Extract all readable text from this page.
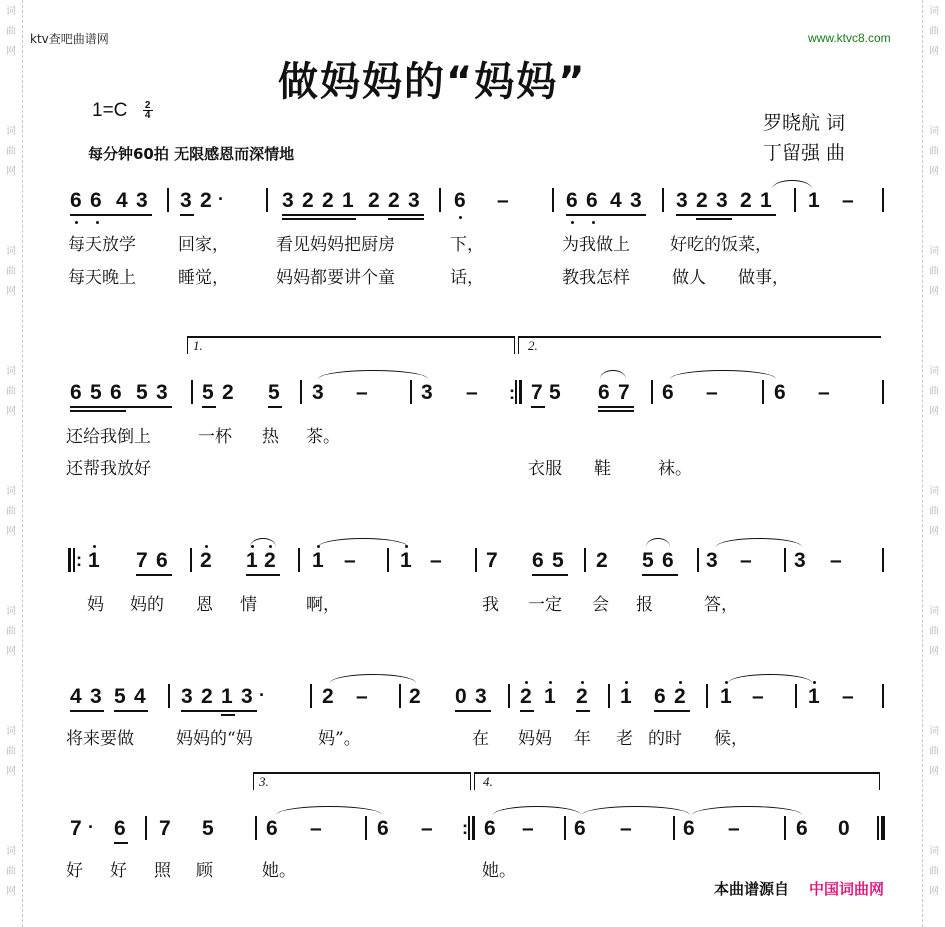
词
曲
网
词
曲
网
词
曲
网
词
曲
网
词
曲
网
词
曲
网
词
曲
网
词
曲
网
词
曲
网
词
曲
网
词
曲
网
词
曲
网
词
曲
网
词
曲
网
词
曲
网
词
曲
网
ktv查吧曲谱网	www.ktvc8.com
做妈妈的“妈妈”
1=C 2

4
每分钟60拍 无限感恩而深情地
罗晓航 词
丁留强 曲
6 6 4 3 3 2 ·	3 2 2 1 2 2 3 6 –	6 6 4 3 3 2 3 2 1 1 –
每天放学 回家，	看见妈妈把厨房	下，	为我做上 好吃的饭菜，
每天晚上 睡觉，	妈妈都要讲个童	话，	教我怎样 做人 做事，
1.	2.
6 5 6 5 3 5 2 5 3 –	3 – : 7 5 6 7 6 –	6 –
还给我倒上	一杯 热 茶。
还帮我放好	衣服 鞋	袜。
: 1 7 6 2 1 2 1 – 1 – 7 6 5 2 5 6 3 – 3 –
妈 妈的 恩 情	啊，	我 一定 会 报	答，
4 3 5 4 3 2 1 3 ·	2 – 2 0 3 2 1 2 1 6 2 1 – 1 –
将来要做 妈妈的“妈	妈”。	在 妈妈 年 老 的时 候，
3.	4.
7 · 6 7 5 6 –	6 – : 6 – 6 – 6 –	6 0
好 好 照 顾	她。	她。
本曲谱源自 中国词曲网
